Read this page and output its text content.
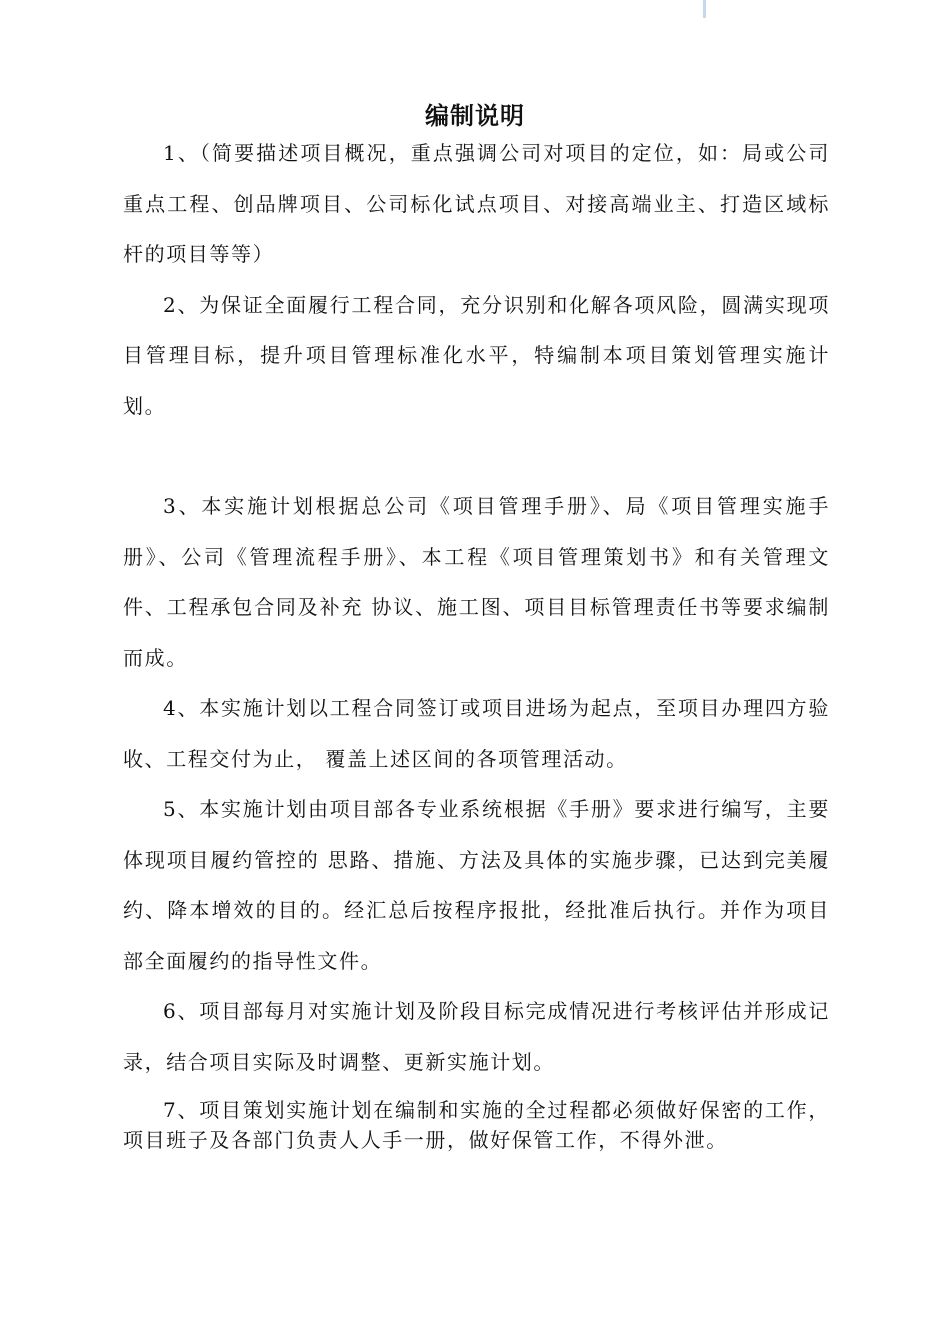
编制说明

1、（简要描述项目概况，重点强调公司对项目的定位，如：局或公司重点工程、创品牌项目、公司标化试点项目、对接高端业主、打造区域标杆的项目等等）

2、为保证全面履行工程合同，充分识别和化解各项风险，圆满实现项目管理目标，提升项目管理标准化水平，特编制本项目策划管理实施计划。

3、本实施计划根据总公司《项目管理手册》、局《项目管理实施手册》、公司《管理流程手册》、本工程《项目管理策划书》和有关管理文件、工程承包合同及补充 协议、施工图、项目目标管理责任书等要求编制而成。

4、本实施计划以工程合同签订或项目进场为起点，至项目办理四方验收、工程交付为止， 覆盖上述区间的各项管理活动。

5、本实施计划由项目部各专业系统根据《手册》要求进行编写，主要体现项目履约管控的 思路、措施、方法及具体的实施步骤，已达到完美履约、降本增效的目的。经汇总后按程序报批，经批准后执行。并作为项目部全面履约的指导性文件。

6、项目部每月对实施计划及阶段目标完成情况进行考核评估并形成记录，结合项目实际及时调整、更新实施计划。

7、项目策划实施计划在编制和实施的全过程都必须做好保密的工作，项目班子及各部门负责人人手一册，做好保管工作，不得外泄。
